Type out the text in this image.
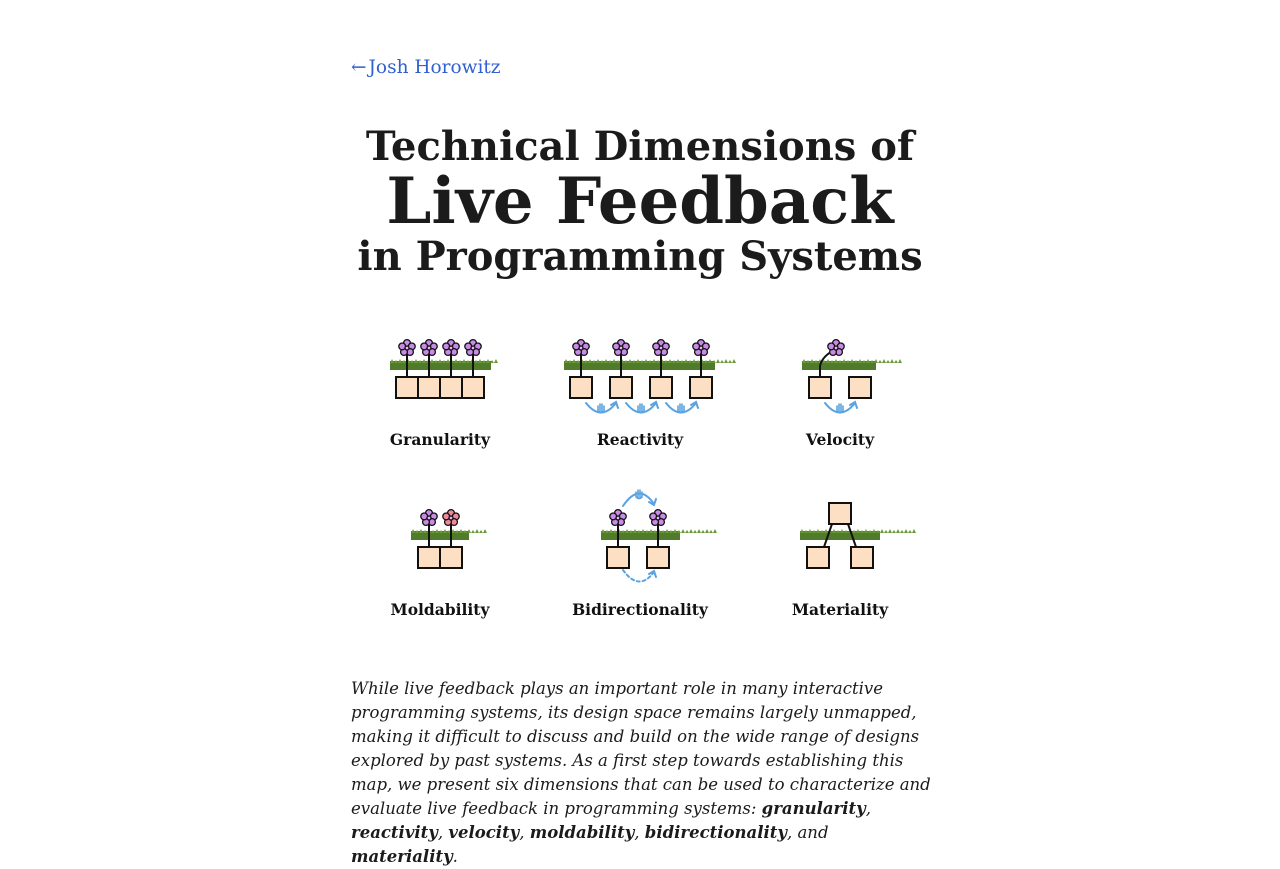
← Josh Horowitz
Technical Dimensions of
Live Feedback
in Programming Systems
Granularity	Reactivity	Velocity
Moldability	Bidirectionality	Materiality

While live feedback plays an important role in many interactive programming systems, its design space remains largely unmapped, making it difficult to discuss and build on the wide range of designs explored by past systems. As a first step towards establishing this map, we present six dimensions that can be used to characterize and evaluate live feedback in programming systems: granularity, reactivity, velocity, moldability, bidirectionality, and materiality.
